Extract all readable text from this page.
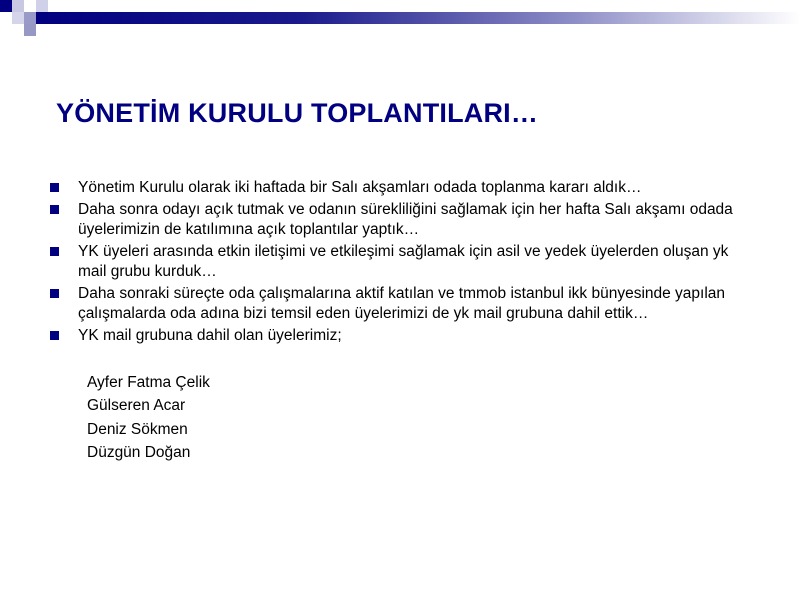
YÖNETİM KURULU TOPLANTILARI…
Yönetim Kurulu olarak iki haftada bir Salı akşamları odada toplanma kararı aldık…
Daha sonra odayı açık tutmak ve odanın sürekliliğini sağlamak için her hafta Salı akşamı odada üyelerimizin de katılımına açık toplantılar yaptık…
YK üyeleri arasında etkin iletişimi ve etkileşimi sağlamak için asil ve yedek üyelerden oluşan yk mail grubu kurduk…
Daha sonraki süreçte oda çalışmalarına aktif katılan ve tmmob istanbul ikk bünyesinde yapılan çalışmalarda oda adına bizi temsil eden üyelerimizi de yk mail grubuna dahil ettik…
YK mail grubuna dahil olan üyelerimiz;
Ayfer Fatma Çelik
Gülseren Acar
Deniz Sökmen
Düzgün Doğan
